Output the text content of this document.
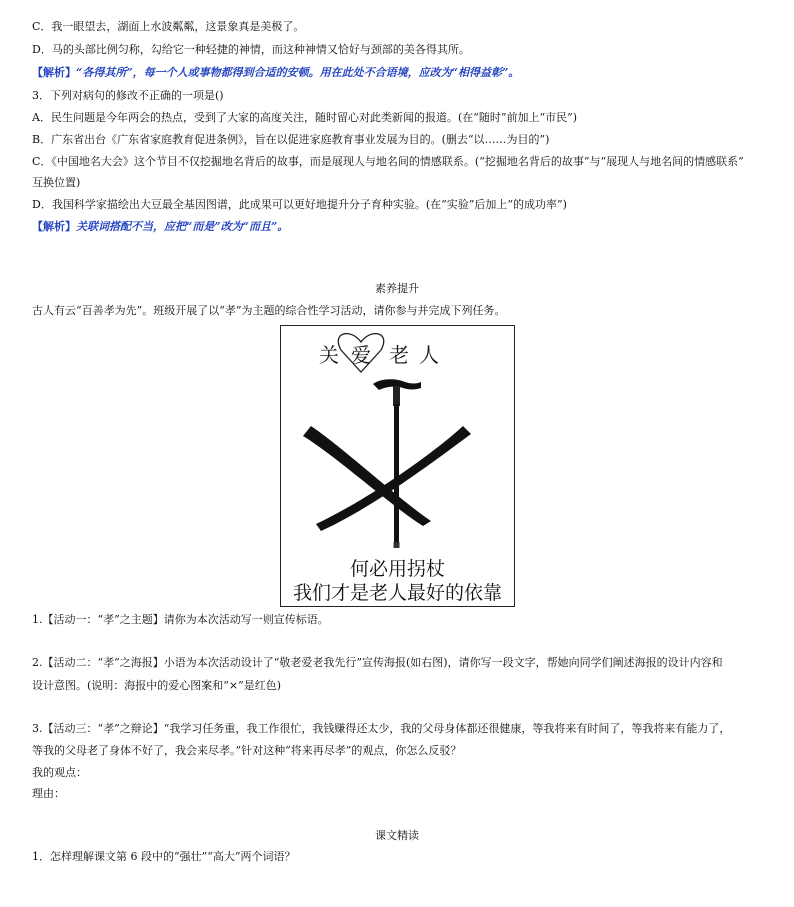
C．我一眼望去，湖面上水波粼粼，这景象真是美极了。
D．马的头部比例匀称，勾给它一种轻捷的神情，而这种神情又恰好与颈部的美各得其所。
【解析】“各得其所”，每一个人或事物都得到合适的安顿。用在此处不合语境，应改为“相得益彰”。
3．下列对病句的修改不正确的一项是()
A．民生问题是今年两会的热点，受到了大家的高度关注，随时留心对此类新闻的报道。(在“随时”前加上“市民”)
B．广东省出台《广东省家庭教育促进条例》，旨在以促进家庭教育事业发展为目的。(删去“以……为目的”)
C．《中国地名大会》这个节目不仅挖掘地名背后的故事，而是展现人与地名间的情感联系。(“挖掘地名背后的故事”与“展现人与地名间的情感联系”
互换位置)
D．我国科学家描绘出大豆最全基因图谱，此成果可以更好地提升分子育种实验。(在“实验”后加上“的成功率”)
【解析】关联词搭配不当，应把“而是”改为“而且”。
素养提升
古人有云“百善孝为先”。班级开展了以“孝”为主题的综合性学习活动，请你参与并完成下列任务。
关 爱 老 人
何必用拐杖
我们才是老人最好的依靠
1.【活动一：“孝”之主题】请你为本次活动写一则宣传标语。
2.【活动二：“孝”之海报】小语为本次活动设计了“敬老爱老我先行”宣传海报(如右图)，请你写一段文字，帮她向同学们阐述海报的设计内容和
设计意图。(说明：海报中的爱心图案和“×”是红色)
3.【活动三：“孝”之辩论】“我学习任务重，我工作很忙，我钱赚得还太少，我的父母身体都还很健康，等我将来有时间了，等我将来有能力了，
等我的父母老了身体不好了，我会来尽孝。”针对这种“将来再尽孝”的观点，你怎么反驳？
我的观点：
理由：
课文精读
1．怎样理解课文第 6 段中的“强壮”“高大”两个词语？
